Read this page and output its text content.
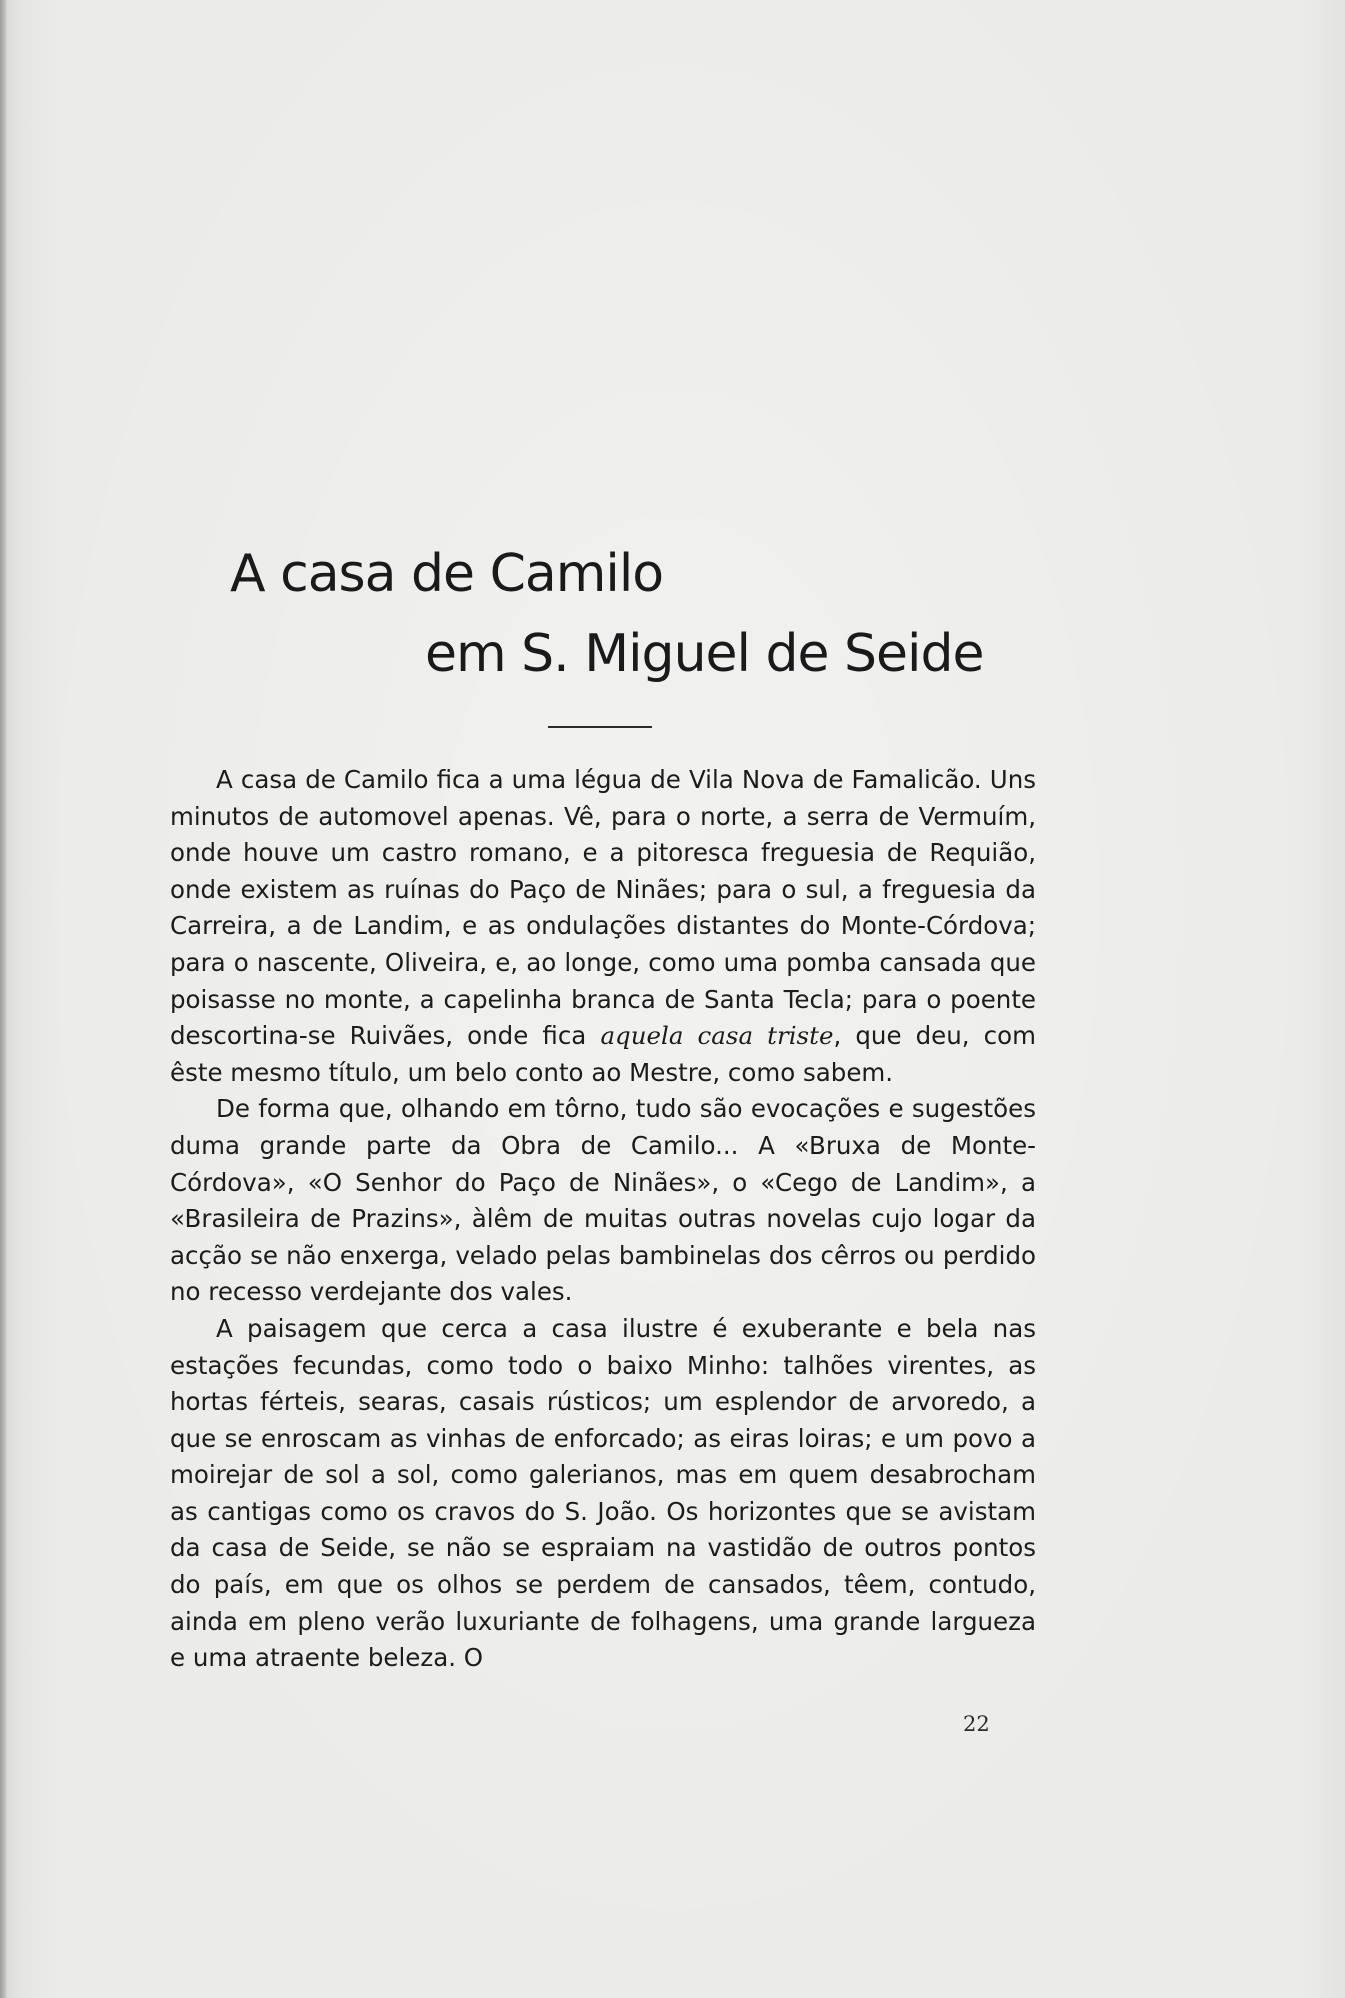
A casa de Camilo
em S. Miguel de Seide

A casa de Camilo fica a uma légua de Vila Nova de Famalicão. Uns minutos de automovel apenas. Vê, para o norte, a serra de Vermuím, onde houve um castro romano, e a pitoresca freguesia de Requião, onde existem as ruínas do Paço de Ninães; para o sul, a freguesia da Carreira, a de Landim, e as ondulações distantes do Monte-Córdova; para o nascente, Oliveira, e, ao longe, como uma pomba cansada que poisasse no monte, a capelinha branca de Santa Tecla; para o poente descortina-se Ruivães, onde fica aquela casa triste, que deu, com êste mesmo título, um belo conto ao Mestre, como sabem.

De forma que, olhando em tôrno, tudo são evocações e sugestões duma grande parte da Obra de Camilo... A «Bruxa de Monte-Córdova», «O Senhor do Paço de Ninães», o «Cego de Landim», a «Brasileira de Prazins», àlêm de muitas outras novelas cujo logar da acção se não enxerga, velado pelas bambinelas dos cêrros ou perdido no recesso verdejante dos vales.

A paisagem que cerca a casa ilustre é exuberante e bela nas estações fecundas, como todo o baixo Minho: talhões virentes, as hortas férteis, searas, casais rústicos; um esplendor de arvoredo, a que se enroscam as vinhas de enforcado; as eiras loiras; e um povo a moirejar de sol a sol, como galerianos, mas em quem desabrocham as cantigas como os cravos do S. João. Os horizontes que se avistam da casa de Seide, se não se espraiam na vastidão de outros pontos do país, em que os olhos se perdem de cansados, têem, contudo, ainda em pleno verão luxuriante de folhagens, uma grande largueza e uma atraente beleza. O

22
